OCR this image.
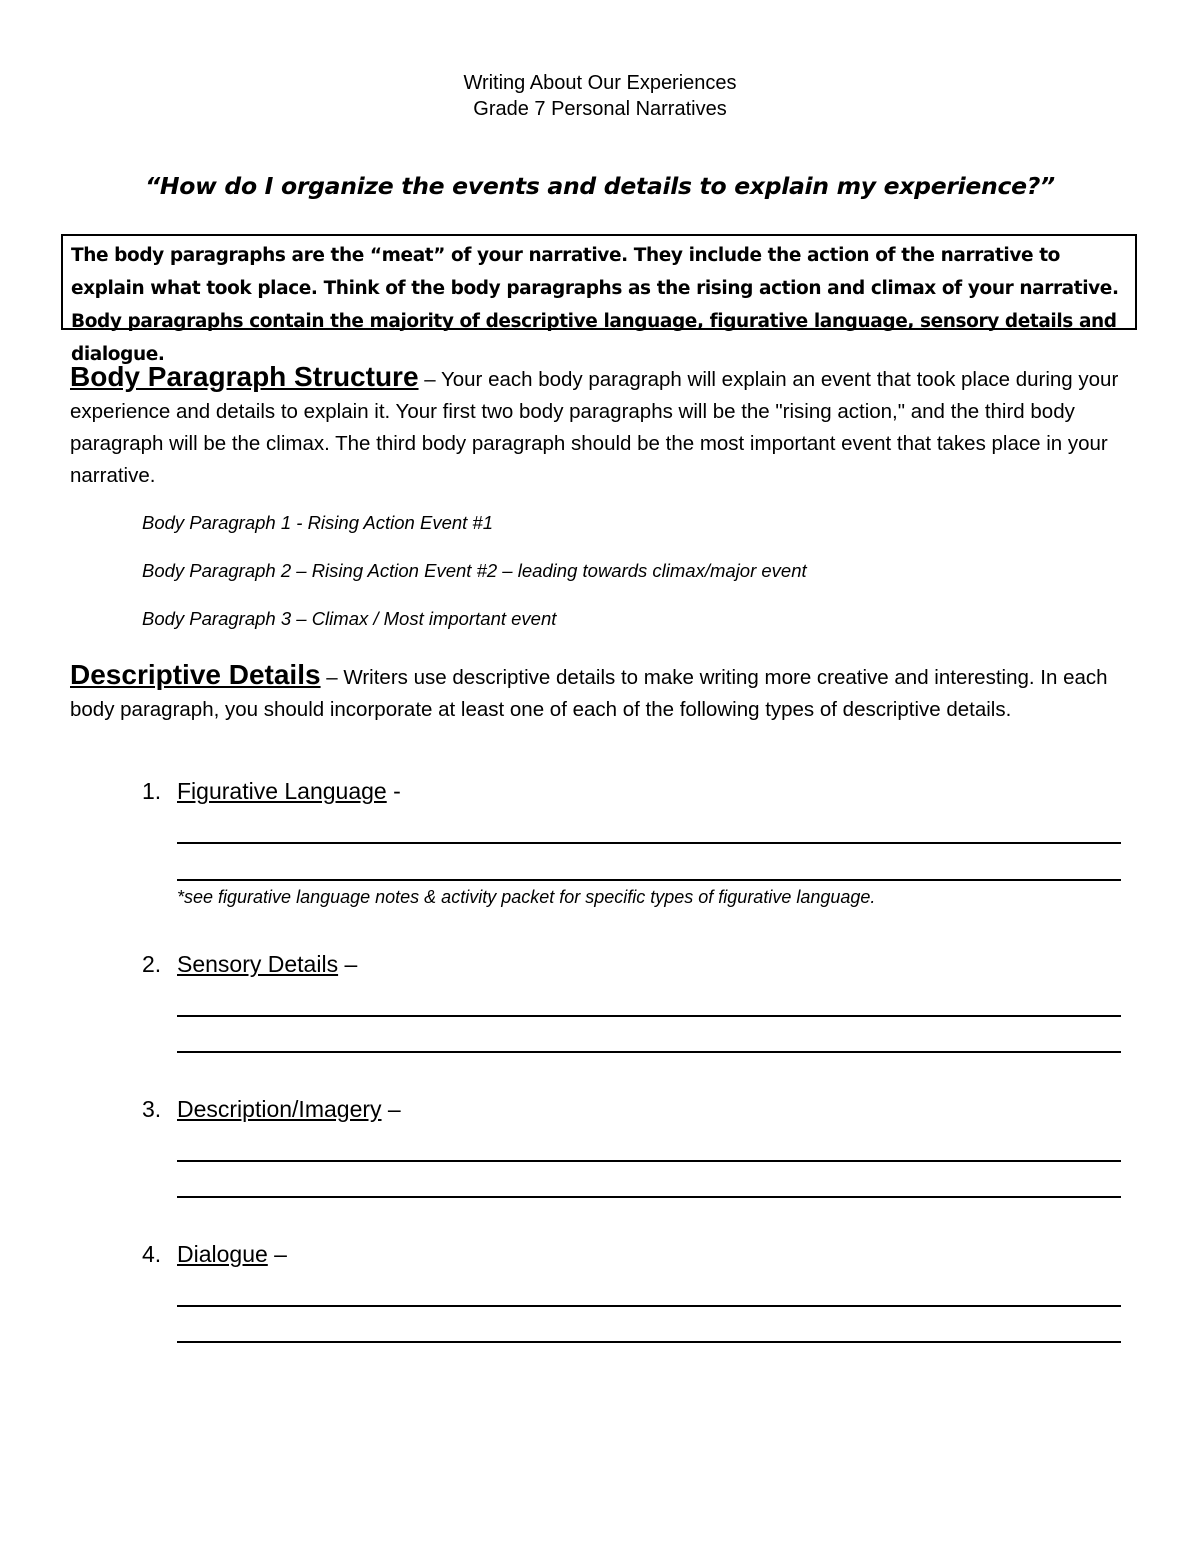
Writing About Our Experiences
Grade 7 Personal Narratives
“How do I organize the events and details to explain my experience?”
The body paragraphs are the “meat” of your narrative. They include the action of the narrative to explain what took place. Think of the body paragraphs as the rising action and climax of your narrative. Body paragraphs contain the majority of descriptive language, figurative language, sensory details and dialogue.
Body Paragraph Structure – Your each body paragraph will explain an event that took place during your experience and details to explain it. Your first two body paragraphs will be the "rising action," and the third body paragraph will be the climax. The third body paragraph should be the most important event that takes place in your narrative.
Body Paragraph 1 - Rising Action Event #1
Body Paragraph 2 – Rising Action Event #2 – leading towards climax/major event
Body Paragraph 3 – Climax / Most important event
Descriptive Details – Writers use descriptive details to make writing more creative and interesting. In each body paragraph, you should incorporate at least one of each of the following types of descriptive details.
1. Figurative Language -
*see figurative language notes & activity packet for specific types of figurative language.
2. Sensory Details –
3. Description/Imagery –
4. Dialogue –
